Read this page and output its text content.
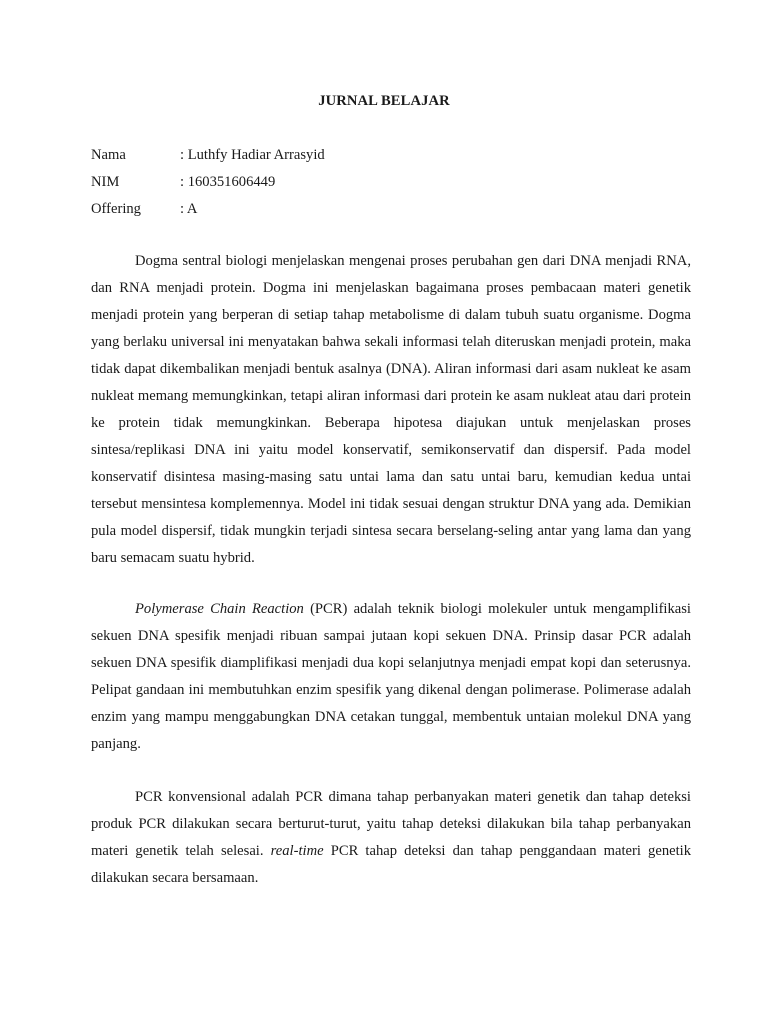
JURNAL BELAJAR
Nama	: Luthfy Hadiar Arrasyid
NIM	: 160351606449
Offering	: A

Dogma sentral biologi menjelaskan mengenai proses perubahan gen dari DNA menjadi RNA, dan RNA menjadi protein. Dogma ini menjelaskan bagaimana proses pembacaan materi genetik menjadi protein yang berperan di setiap tahap metabolisme di dalam tubuh suatu organisme. Dogma yang berlaku universal ini menyatakan bahwa sekali informasi telah diteruskan menjadi protein, maka tidak dapat dikembalikan menjadi bentuk asalnya (DNA). Aliran informasi dari asam nukleat ke asam nukleat memang memungkinkan, tetapi aliran informasi dari protein ke asam nukleat atau dari protein ke protein tidak memungkinkan. Beberapa hipotesa diajukan untuk menjelaskan proses sintesa/replikasi DNA ini yaitu model konservatif, semikonservatif dan dispersif. Pada model konservatif disintesa masing-masing satu untai lama dan satu untai baru, kemudian kedua untai tersebut mensintesa komplemennya. Model ini tidak sesuai dengan struktur DNA yang ada. Demikian pula model dispersif, tidak mungkin terjadi sintesa secara berselang-seling antar yang lama dan yang baru semacam suatu hybrid.

Polymerase Chain Reaction (PCR) adalah teknik biologi molekuler untuk mengamplifikasi sekuen DNA spesifik menjadi ribuan sampai jutaan kopi sekuen DNA. Prinsip dasar PCR adalah sekuen DNA spesifik diamplifikasi menjadi dua kopi selanjutnya menjadi empat kopi dan seterusnya. Pelipat gandaan ini membutuhkan enzim spesifik yang dikenal dengan polimerase. Polimerase adalah enzim yang mampu menggabungkan DNA cetakan tunggal, membentuk untaian molekul DNA yang panjang.

PCR konvensional adalah PCR dimana tahap perbanyakan materi genetik dan tahap deteksi produk PCR dilakukan secara berturut-turut, yaitu tahap deteksi dilakukan bila tahap perbanyakan materi genetik telah selesai. real-time PCR tahap deteksi dan tahap penggandaan materi genetik dilakukan secara bersamaan.
